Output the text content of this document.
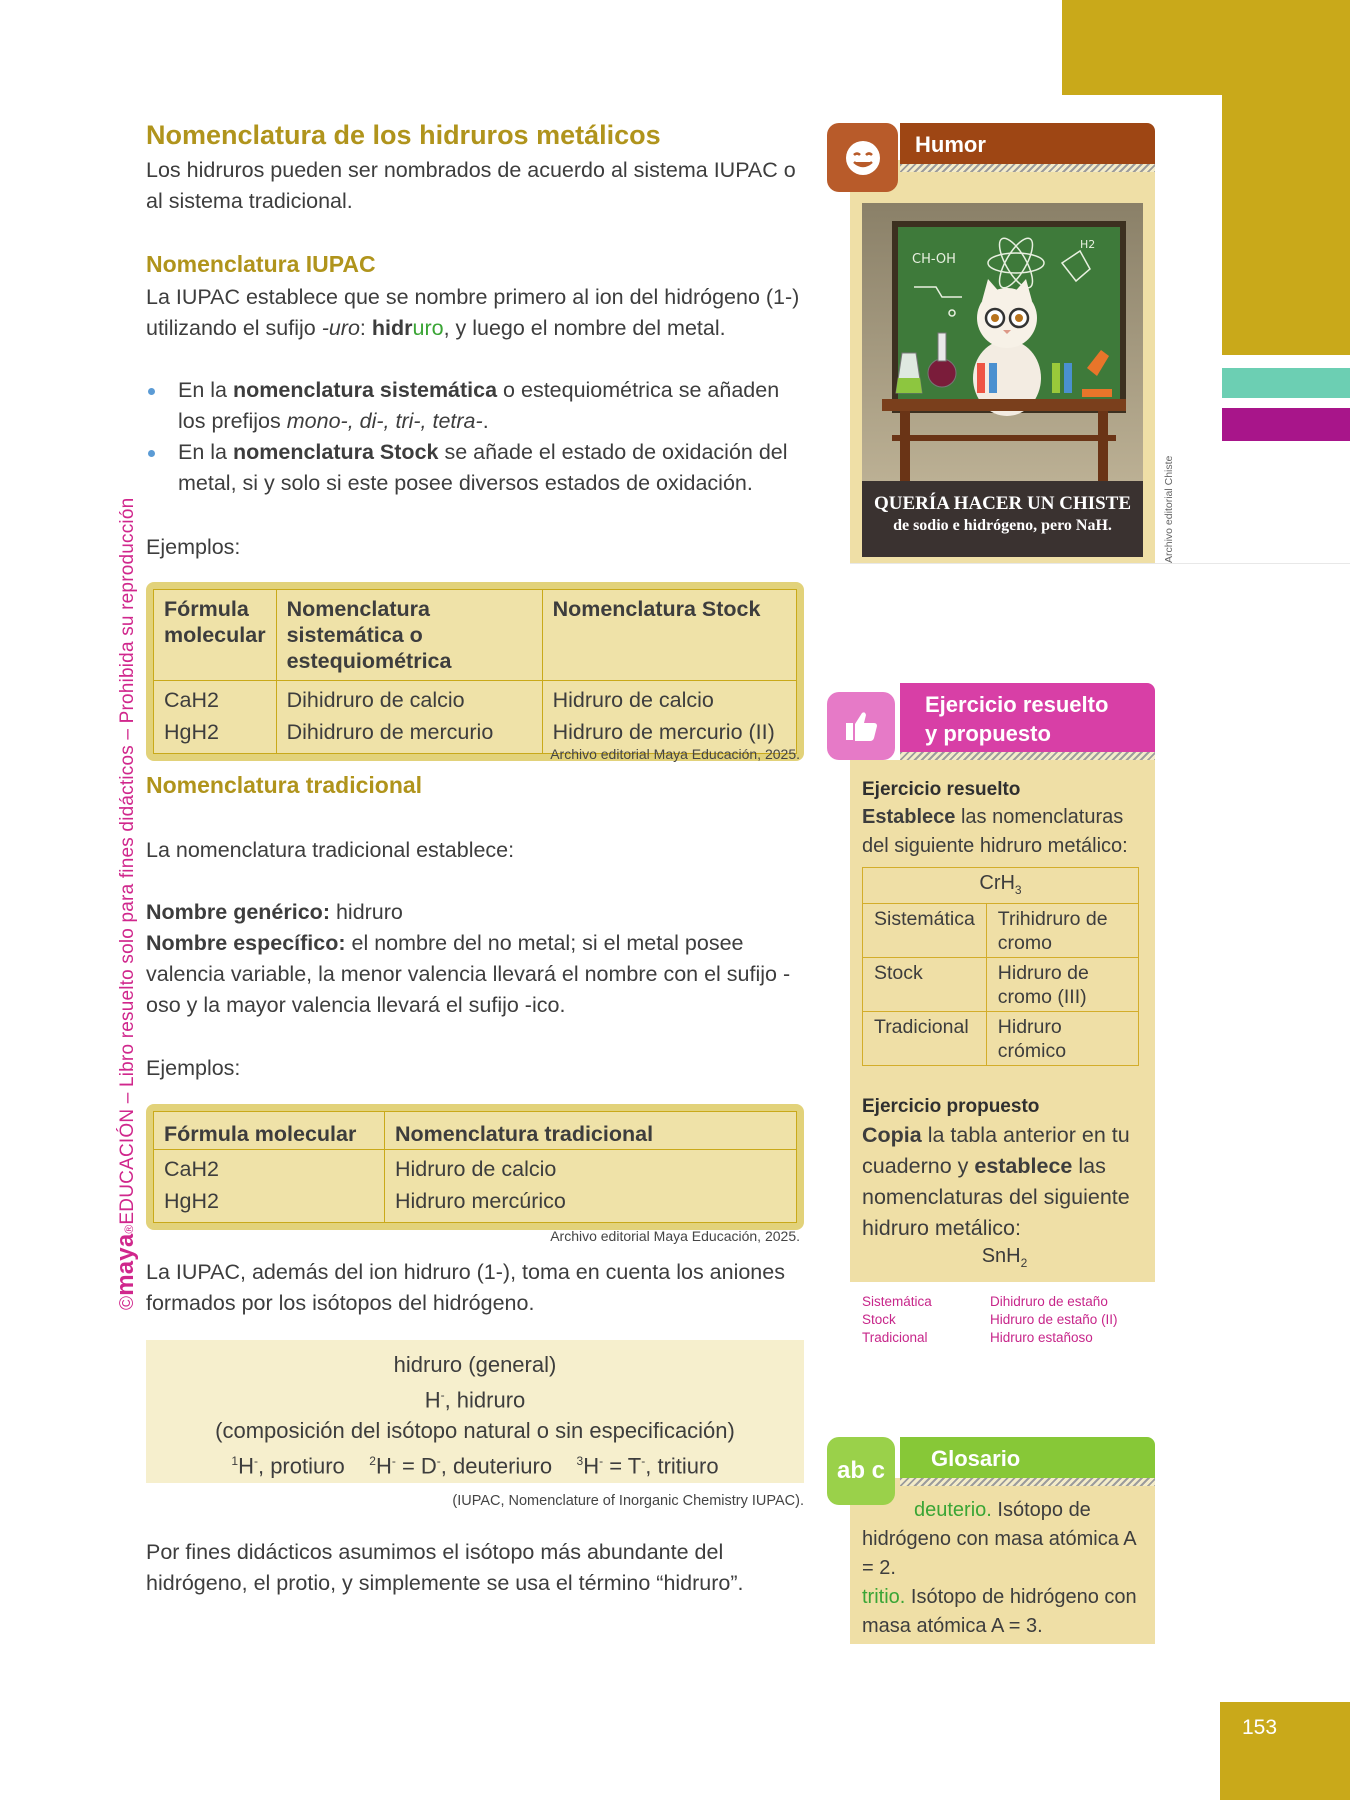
©maya®EDUCACIÓN – Libro resuelto solo para fines didácticos – Prohibida su reproducción
Nomenclatura de los hidruros metálicos

Los hidruros pueden ser nombrados de acuerdo al sistema IUPAC o al sistema tradicional.

Nomenclatura IUPAC

La IUPAC establece que se nombre primero al ion del hidrógeno (1-) utilizando el sufijo -uro: hidruro, y luego el nombre del metal.

En la nomenclatura sistemática o estequiométrica se añaden los prefijos mono-, di-, tri-, tetra-.
En la nomenclatura Stock se añade el estado de oxidación del metal, si y solo si este posee diversos estados de oxidación.

Ejemplos:

Fórmula molecular	Nomenclatura sistemática o estequiométrica	Nomenclatura Stock
CaH2	Dihidruro de calcio	Hidruro de calcio
HgH2	Dihidruro de mercurio	Hidruro de mercurio (II)
Archivo editorial Maya Educación, 2025.
Nomenclatura tradicional

La nomenclatura tradicional establece:

Nombre genérico: hidruro
Nombre específico: el nombre del no metal; si el metal posee valencia variable, la menor valencia llevará el nombre con el sufijo -oso y la mayor valencia llevará el sufijo -ico.

Ejemplos:

Fórmula molecular	Nomenclatura tradicional
CaH2	Hidruro de calcio
HgH2	Hidruro mercúrico
Archivo editorial Maya Educación, 2025.

La IUPAC, además del ion hidruro (1-), toma en cuenta los aniones formados por los isótopos del hidrógeno.

hidruro (general)
H-, hidruro
(composición del isótopo natural o sin especificación)
$^1$H-, protiuro $^2$H- = D-, deuteriuro $^3$H- = T-, tritiuro
(IUPAC, Nomenclature of Inorganic Chemistry IUPAC).

Por fines didácticos asumimos el isótopo más abundante del hidrógeno, el protio, y simplemente se usa el término “hidruro”.

Humor
CH-OH
H2
QUERÍA HACER UN CHISTE
de sodio e hidrógeno, pero NaH.	Archivo editorial Chiste
Ejercicio resuelto
y propuesto
Ejercicio resuelto

Establece las nomenclaturas del siguiente hidruro metálico:

CrH$_3$
Sistemática	Trihidruro de cromo
Stock	Hidruro de cromo (III)
Tradicional	Hidruro crómico
Ejercicio propuesto

Copia la tabla anterior en tu cuaderno y establece las nomenclaturas del siguiente hidruro metálico:

SnH$_2$
Sistemática	Dihidruro de estaño
Stock	Hidruro de estaño (II)
Tradicional	Hidruro estañoso
Glosario
ab c

deuterio. Isótopo de hidrógeno con masa atómica A = 2.

tritio. Isótopo de hidrógeno con masa atómica A = 3.

153
